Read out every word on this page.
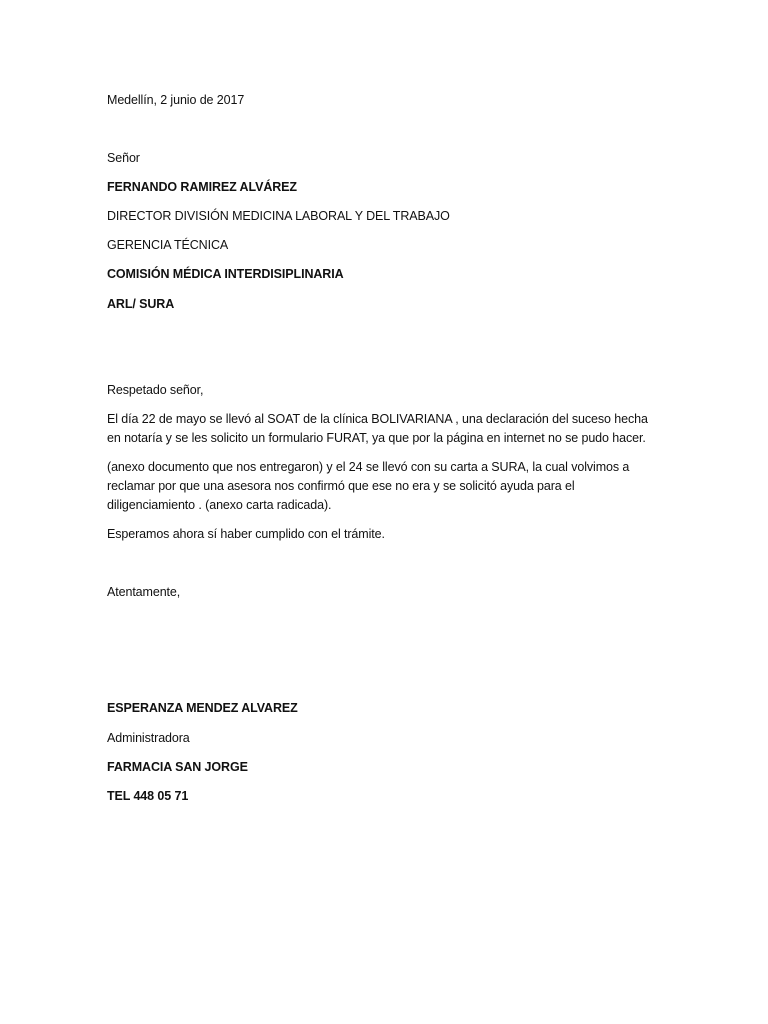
Medellín, 2 junio de 2017
Señor
FERNANDO RAMIREZ ALVÁREZ
DIRECTOR DIVISIÓN MEDICINA LABORAL Y DEL TRABAJO
GERENCIA TÉCNICA
COMISIÓN MÉDICA INTERDISIPLINARIA
ARL/ SURA
Respetado señor,
El día 22 de mayo se llevó al SOAT de la clínica BOLIVARIANA , una declaración del suceso hecha
en notaría y se les solicito un formulario FURAT, ya que por la página en internet no se pudo hacer.
(anexo documento que nos entregaron) y el 24 se llevó con su carta a SURA, la cual volvimos a
reclamar por que una asesora nos confirmó que ese no era y se solicitó ayuda para el
diligenciamiento . (anexo carta radicada).
Esperamos ahora sí haber cumplido con el trámite.
Atentamente,
ESPERANZA MENDEZ ALVAREZ
Administradora
FARMACIA SAN JORGE
TEL 448 05 71
